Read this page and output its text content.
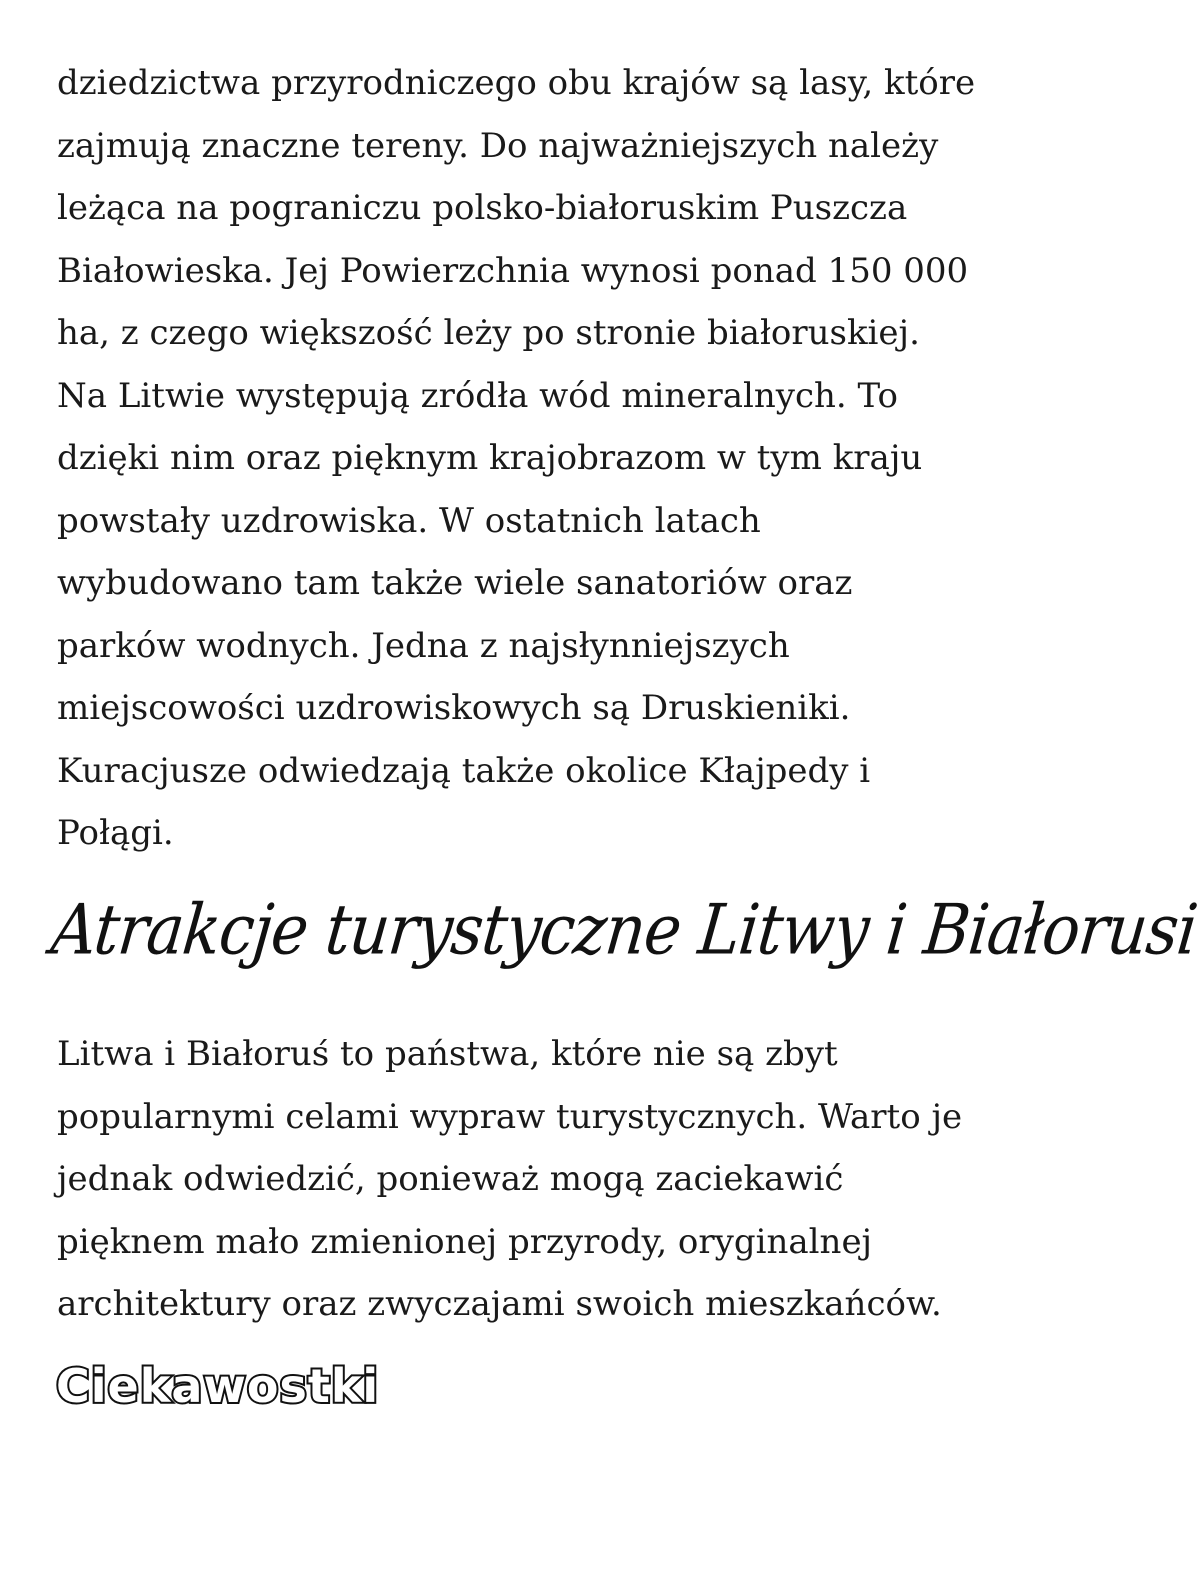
dziedzictwa przyrodniczego obu krajów są lasy, które
zajmują znaczne tereny. Do najważniejszych należy
leżąca na pograniczu polsko-białoruskim Puszcza
Białowieska. Jej Powierzchnia wynosi ponad 150 000
ha, z czego większość leży po stronie białoruskiej.
Na Litwie występują zródła wód mineralnych. To
dzięki nim oraz pięknym krajobrazom w tym kraju
powstały uzdrowiska. W ostatnich latach
wybudowano tam także wiele sanatoriów oraz
parków wodnych. Jedna z najsłynniejszych
miejscowości uzdrowiskowych są Druskieniki.
Kuracjusze odwiedzają także okolice Kłajpedy i
Połągi.

Atrakcje turystyczne Litwy i Białorusi

Litwa i Białoruś to państwa, które nie są zbyt
popularnymi celami wypraw turystycznych. Warto je
jednak odwiedzić, ponieważ mogą zaciekawić
pięknem mało zmienionej przyrody, oryginalnej
architektury oraz zwyczajami swoich mieszkańców.

Ciekawostki
